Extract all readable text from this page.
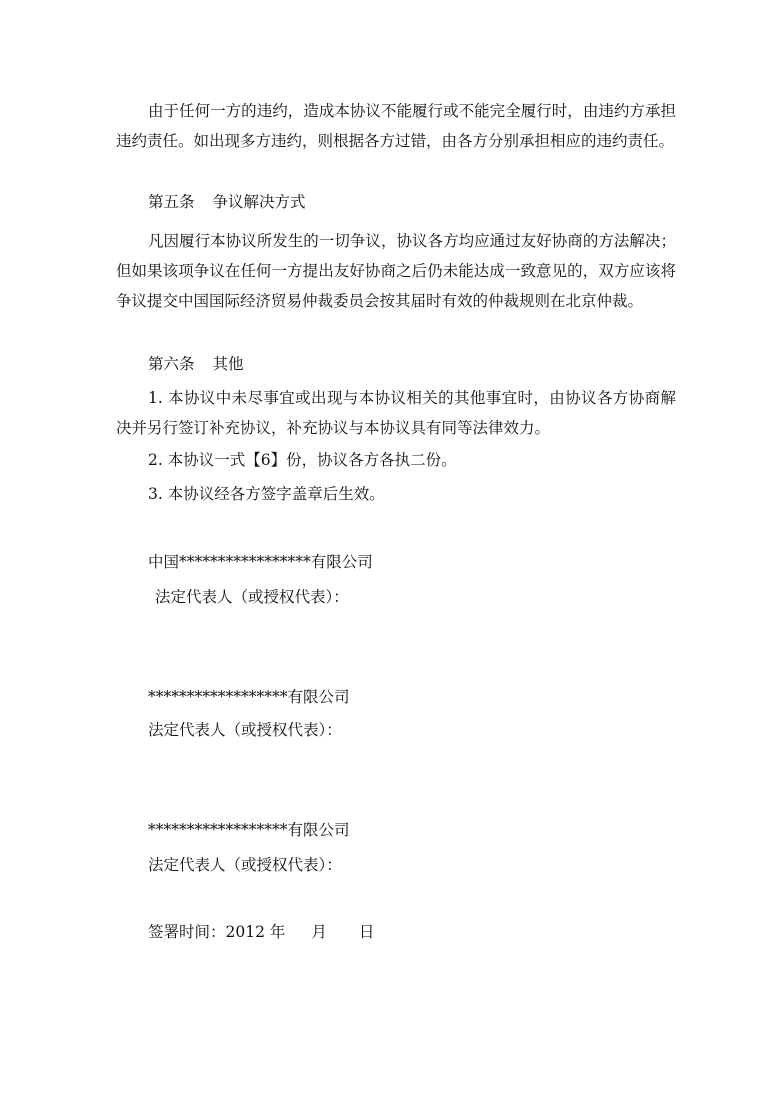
由于任何一方的违约，造成本协议不能履行或不能完全履行时，由违约方承担违约责任。如出现多方违约，则根据各方过错，由各方分别承担相应的违约责任。

第五条 争议解决方式

凡因履行本协议所发生的一切争议，协议各方均应通过友好协商的方法解决；但如果该项争议在任何一方提出友好协商之后仍未能达成一致意见的，双方应该将争议提交中国国际经济贸易仲裁委员会按其届时有效的仲裁规则在北京仲裁。

第六条 其他

1. 本协议中未尽事宜或出现与本协议相关的其他事宜时，由协议各方协商解决并另行签订补充协议，补充协议与本协议具有同等法律效力。

2. 本协议一式【6】份，协议各方各执二份。

3. 本协议经各方签字盖章后生效。

中国*****************有限公司

法定代表人（或授权代表）：

******************有限公司

法定代表人（或授权代表）：

******************有限公司

法定代表人（或授权代表）：

签署时间：2012 年 月 日
